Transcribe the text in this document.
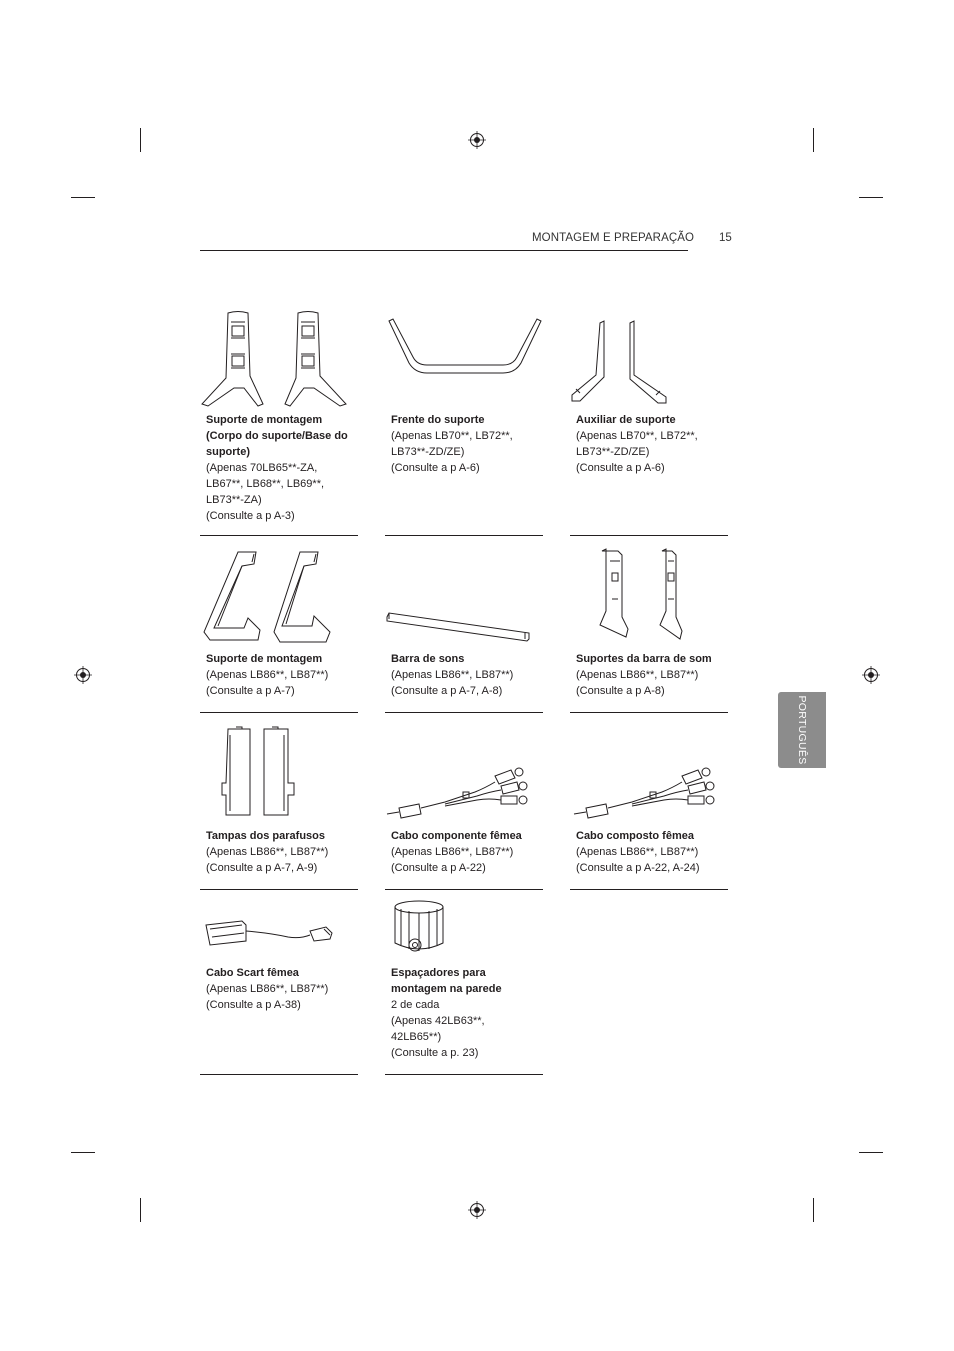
MONTAGEM E PREPARAÇÃO 15
PORTUGUÊS
Suporte de montagem
(Corpo do suporte/Base do
suporte)
(Apenas 70LB65**-ZA,
LB67**, LB68**, LB69**,
LB73**-ZA)
(Consulte a p A-3)
Frente do suporte
(Apenas LB70**, LB72**,
LB73**-ZD/ZE)
(Consulte a p A-6)
Auxiliar de suporte
(Apenas LB70**, LB72**,
LB73**-ZD/ZE)
(Consulte a p A-6)
Suporte de montagem
(Apenas LB86**, LB87**)
(Consulte a p A-7)
Barra de sons
(Apenas LB86**, LB87**)
(Consulte a p A-7, A-8)
Suportes da barra de som
(Apenas LB86**, LB87**)
(Consulte a p A-8)
Tampas dos parafusos
(Apenas LB86**, LB87**)
(Consulte a p A-7, A-9)
Cabo componente fêmea
(Apenas LB86**, LB87**)
(Consulte a p A-22)
Cabo composto fêmea
(Apenas LB86**, LB87**)
(Consulte a p A-22, A-24)
Cabo Scart fêmea
(Apenas LB86**, LB87**)
(Consulte a p A-38)
Espaçadores para
montagem na parede
2 de cada
(Apenas 42LB63**,
42LB65**)
(Consulte a p. 23)
